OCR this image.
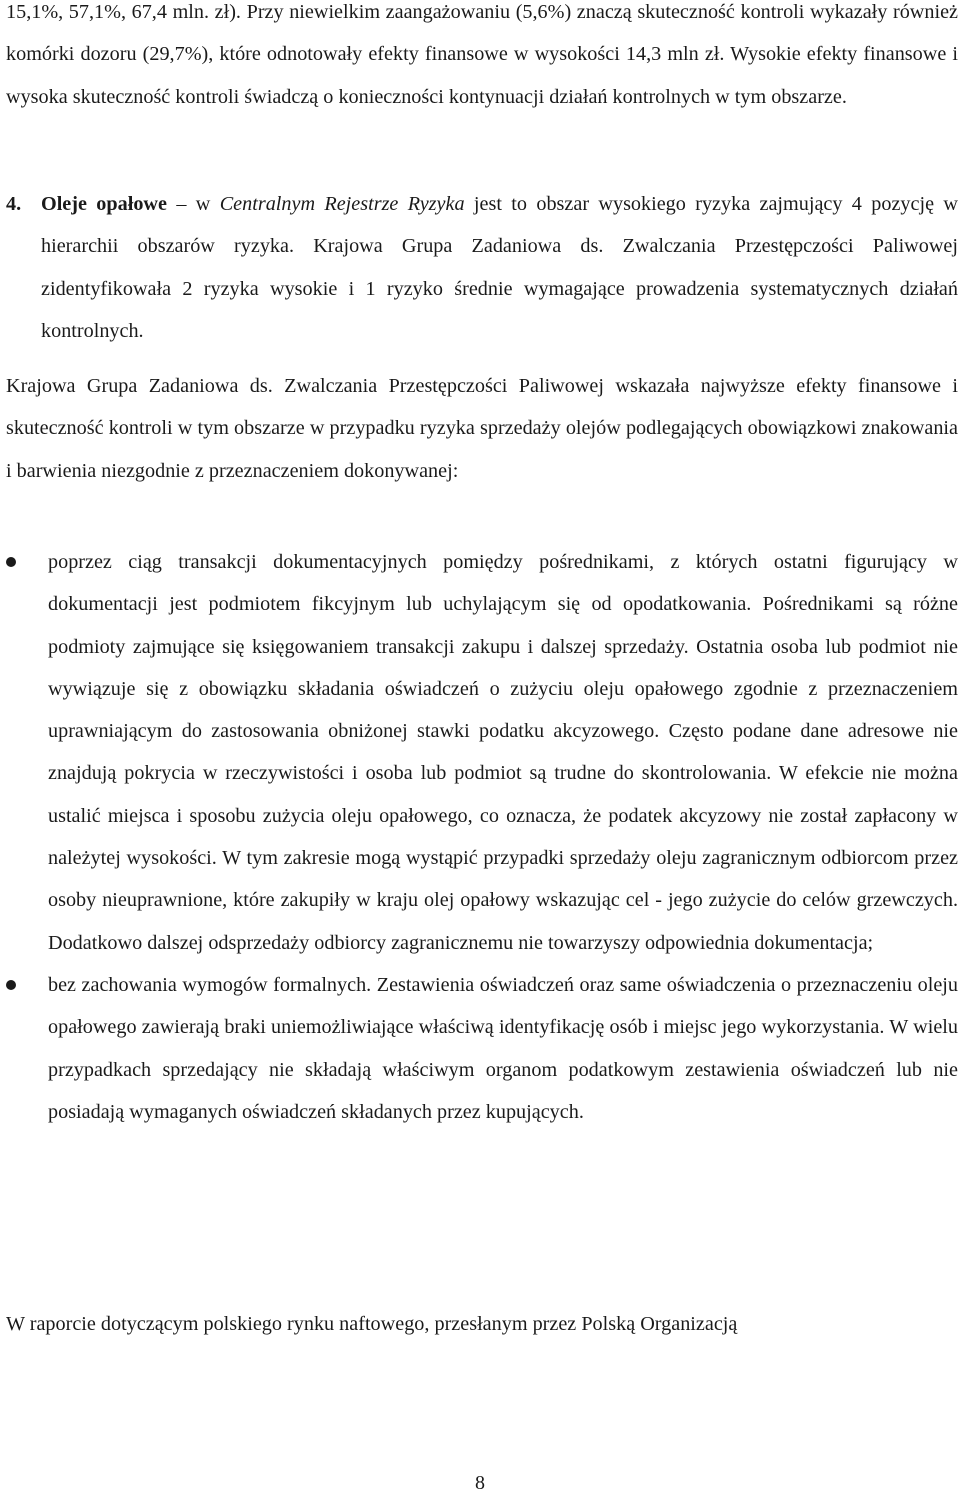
15,1%, 57,1%, 67,4 mln. zł). Przy niewielkim zaangażowaniu (5,6%) znaczą skuteczność kontroli wykazały również komórki dozoru (29,7%), które odnotowały efekty finansowe w wysokości 14,3 mln zł. Wysokie efekty finansowe i wysoka skuteczność kontroli świadczą o konieczności kontynuacji działań kontrolnych w tym obszarze.

4. Oleje opałowe – w Centralnym Rejestrze Ryzyka jest to obszar wysokiego ryzyka zajmujący 4 pozycję w hierarchii obszarów ryzyka. Krajowa Grupa Zadaniowa ds. Zwalczania Przestępczości Paliwowej zidentyfikowała 2 ryzyka wysokie i 1 ryzyko średnie wymagające prowadzenia systematycznych działań kontrolnych.

Krajowa Grupa Zadaniowa ds. Zwalczania Przestępczości Paliwowej wskazała najwyższe efekty finansowe i skuteczność kontroli w tym obszarze w przypadku ryzyka sprzedaży olejów podlegających obowiązkowi znakowania i barwienia niezgodnie z przeznaczeniem dokonywanej:

poprzez ciąg transakcji dokumentacyjnych pomiędzy pośrednikami, z których ostatni figurujący w dokumentacji jest podmiotem fikcyjnym lub uchylającym się od opodatkowania. Pośrednikami są różne podmioty zajmujące się księgowaniem transakcji zakupu i dalszej sprzedaży. Ostatnia osoba lub podmiot nie wywiązuje się z obowiązku składania oświadczeń o zużyciu oleju opałowego zgodnie z przeznaczeniem uprawniającym do zastosowania obniżonej stawki podatku akcyzowego. Często podane dane adresowe nie znajdują pokrycia w rzeczywistości i osoba lub podmiot są trudne do skontrolowania. W efekcie nie można ustalić miejsca i sposobu zużycia oleju opałowego, co oznacza, że podatek akcyzowy nie został zapłacony w należytej wysokości. W tym zakresie mogą wystąpić przypadki sprzedaży oleju zagranicznym odbiorcom przez osoby nieuprawnione, które zakupiły w kraju olej opałowy wskazując cel - jego zużycie do celów grzewczych. Dodatkowo dalszej odsprzedaży odbiorcy zagranicznemu nie towarzyszy odpowiednia dokumentacja;
bez zachowania wymogów formalnych. Zestawienia oświadczeń oraz same oświadczenia o przeznaczeniu oleju opałowego zawierają braki uniemożliwiające właściwą identyfikację osób i miejsc jego wykorzystania. W wielu przypadkach sprzedający nie składają właściwym organom podatkowym zestawienia oświadczeń lub nie posiadają wymaganych oświadczeń składanych przez kupujących.

W raporcie dotyczącym polskiego rynku naftowego, przesłanym przez Polską Organizacją

8
